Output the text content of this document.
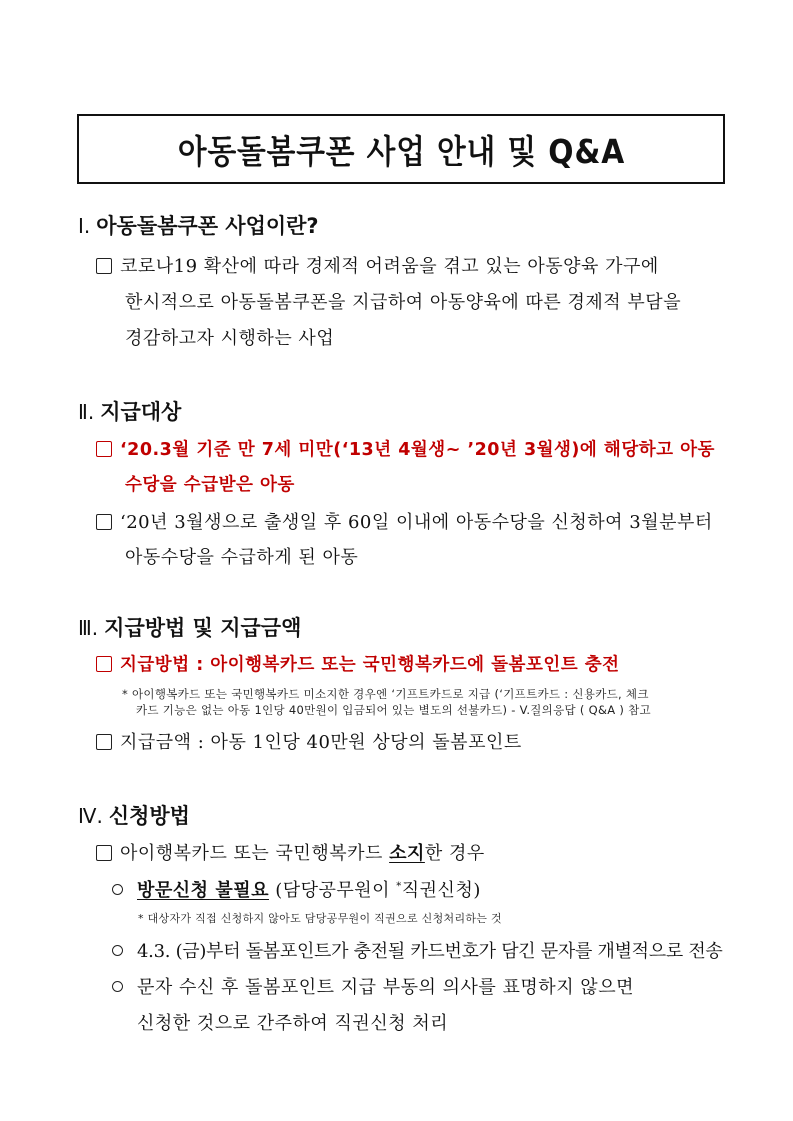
아동돌봄쿠폰 사업 안내 및 Q&A
Ⅰ. 아동돌봄쿠폰 사업이란?
코로나19 확산에 따라 경제적 어려움을 겪고 있는 아동양육 가구에
한시적으로 아동돌봄쿠폰을 지급하여 아동양육에 따른 경제적 부담을
경감하고자 시행하는 사업
Ⅱ. 지급대상
‘20.3월 기준 만 7세 미만(‘13년 4월생~ ’20년 3월생)에 해당하고 아동
수당을 수급받은 아동
‘20년 3월생으로 출생일 후 60일 이내에 아동수당을 신청하여 3월분부터
아동수당을 수급하게 된 아동
Ⅲ. 지급방법 및 지급금액
지급방법 : 아이행복카드 또는 국민행복카드에 돌봄포인트 충전
* 아이행복카드 또는 국민행복카드 미소지한 경우엔 ‘기프트카드로 지급 (‘기프트카드 : 신용카드, 체크
카드 기능은 없는 아동 1인당 40만원이 입금되어 있는 별도의 선불카드) - V.질의응답 ( Q&A ) 참고
지급금액 : 아동 1인당 40만원 상당의 돌봄포인트
Ⅳ. 신청방법
아이행복카드 또는 국민행복카드 소지한 경우
방문신청 불필요 (담당공무원이 *직권신청)
* 대상자가 직접 신청하지 않아도 담당공무원이 직권으로 신청처리하는 것
4.3. (금)부터 돌봄포인트가 충전될 카드번호가 담긴 문자를 개별적으로 전송
문자 수신 후 돌봄포인트 지급 부동의 의사를 표명하지 않으면
신청한 것으로 간주하여 직권신청 처리
